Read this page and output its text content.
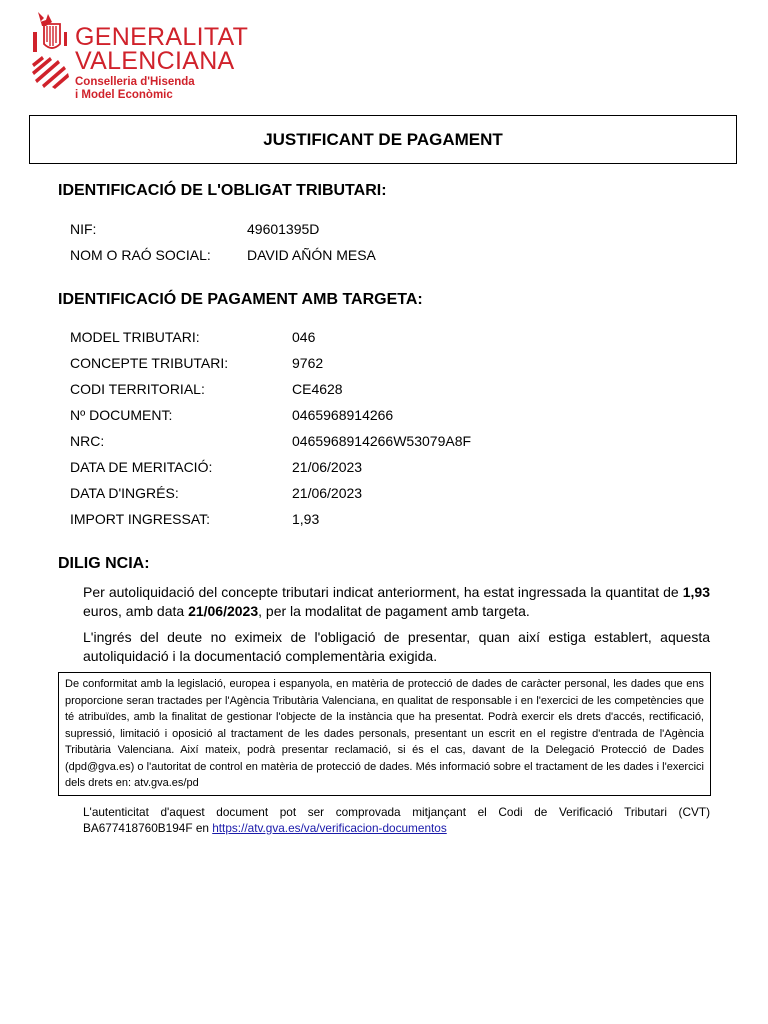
GENERALITAT
VALENCIANA
Conselleria d'Hisenda
i Model Econòmic
JUSTIFICANT DE PAGAMENT
IDENTIFICACIÓ DE L'OBLIGAT TRIBUTARI:
NIF:	49601395D
NOM O RAÓ SOCIAL:	DAVID AÑÓN MESA
IDENTIFICACIÓ DE PAGAMENT AMB TARGETA:
MODEL TRIBUTARI:	046
CONCEPTE TRIBUTARI:	9762
CODI TERRITORIAL:	CE4628
Nº DOCUMENT:	0465968914266
NRC:	0465968914266W53079A8F
DATA DE MERITACIÓ:	21/06/2023
DATA D'INGRÉS:	21/06/2023
IMPORT INGRESSAT:	1,93
DILIG NCIA:
Per autoliquidació del concepte tributari indicat anteriorment, ha estat ingressada la quantitat de 1,93 euros, amb data 21/06/2023, per la modalitat de pagament amb targeta.
L'ingrés del deute no eximeix de l'obligació de presentar, quan així estiga establert, aquesta autoliquidació i la documentació complementària exigida.
De conformitat amb la legislació, europea i espanyola, en matèria de protecció de dades de caràcter personal, les dades que ens proporcione seran tractades per l'Agència Tributària Valenciana, en qualitat de responsable i en l'exercici de les competències que té atribuïdes, amb la finalitat de gestionar l'objecte de la instància que ha presentat. Podrà exercir els drets d'accés, rectificació, supressió, limitació i oposició al tractament de les dades personals, presentant un escrit en el registre d'entrada de l'Agència Tributària Valenciana. Així mateix, podrà presentar reclamació, si és el cas, davant de la Delegació Protecció de Dades (dpd@gva.es) o l'autoritat de control en matèria de protecció de dades. Més informació sobre el tractament de les dades i l'exercici dels drets en: atv.gva.es/pd
L'autenticitat d'aquest document pot ser comprovada mitjançant el Codi de Verificació Tributari (CVT) BA677418760B194F en https://atv.gva.es/va/verificacion-documentos
